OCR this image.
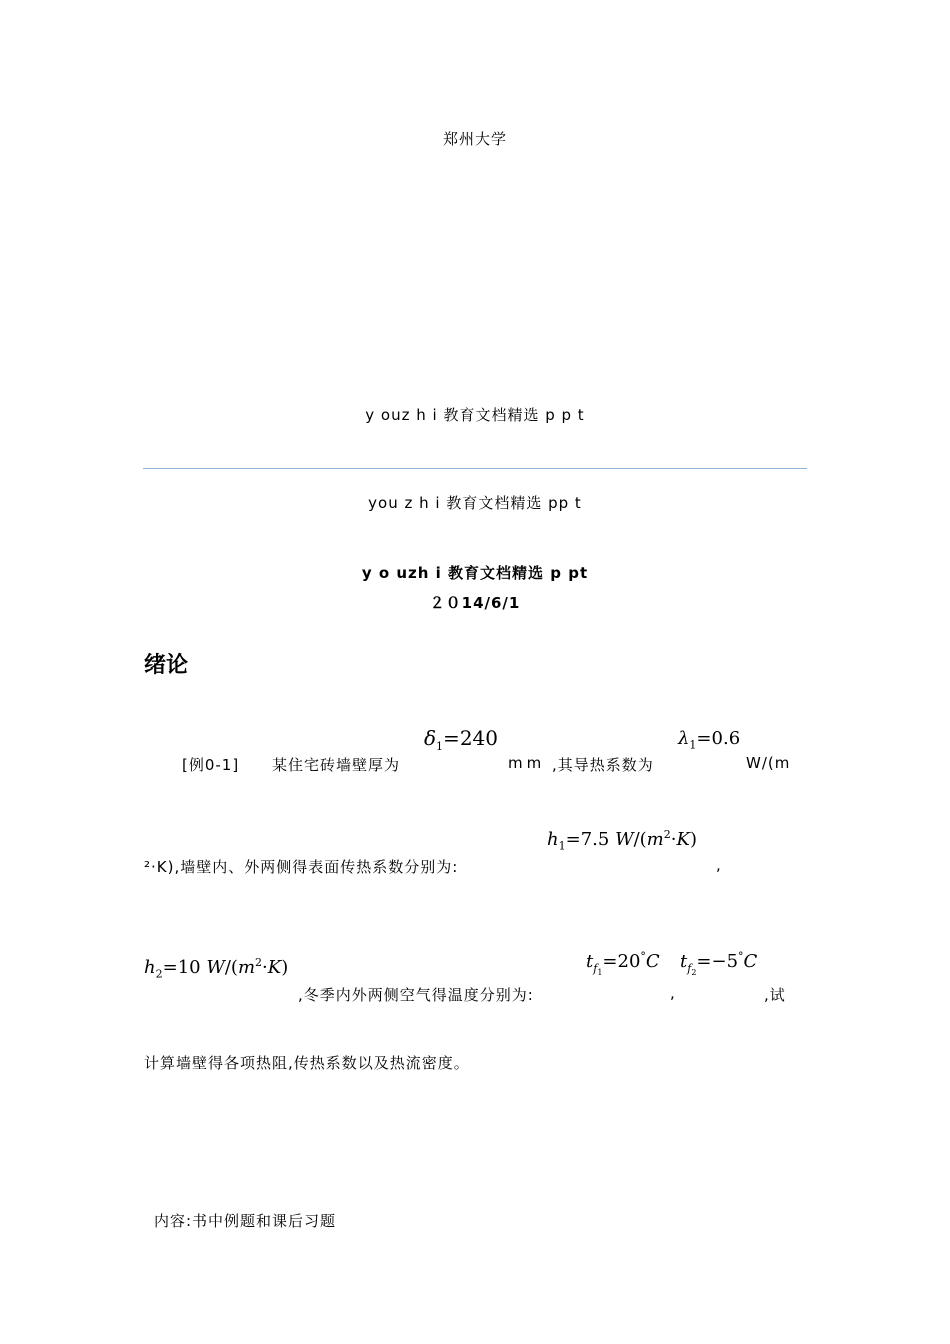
郑州大学
y ouz h i 教育文档精选 p p t
you z h i 教育文档精选 pp t
y o uzh i 教育文档精选 p pt
２０14/6/1
绪论
[例0-1] 某住宅砖墙壁厚为
$\delta_1=240$
mm ,其导热系数为
$\lambda_1=0.6$
W/(m
²·K),墙壁内、外两侧得表面传热系数分别为:
$h_1=7.5$ $W/(m^2\cdot K)$
,
$h_2=10$ $W/(m^2\cdot K)$
,冬季内外两侧空气得温度分别为:
$t_{f_1}=20^\circ C$
,
$t_{f_2}=-5^\circ C$
,试
计算墙壁得各项热阻,传热系数以及热流密度。
内容:书中例题和课后习题
